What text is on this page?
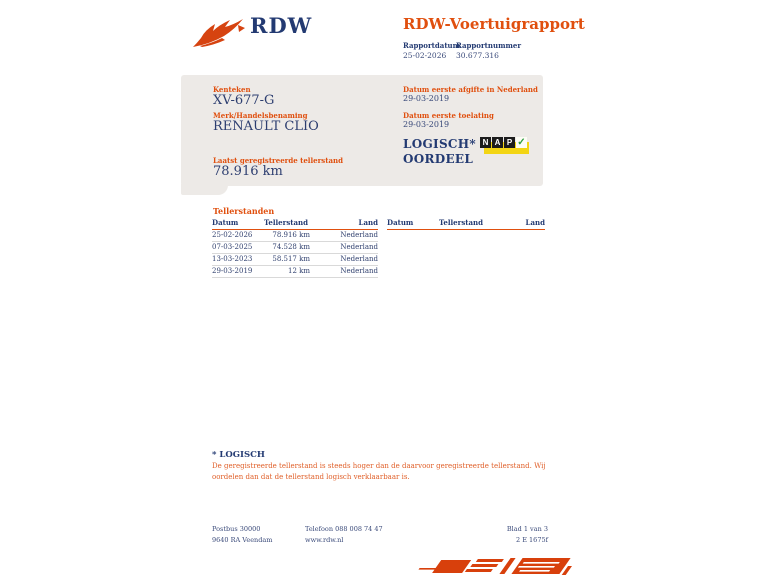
RDW	RDW-Voertuigrapport
Rapportdatum
Rapportnummer
25-02-2026 30.677.316
Kenteken
XV-677-G
Merk/Handelsbenaming
RENAULT CLIO
Laatst geregistreerde tellerstand
78.916 km
Datum eerste afgifte in Nederland
29-03-2019
Datum eerste toelating
29-03-2019
LOGISCH*
OORDEEL
N A P ✓
Tellerstanden
Datum	Tellerstand	Land
25-02-2026	78.916 km	Nederland
07-03-2025	74.528 km	Nederland
13-03-2023	58.517 km	Nederland
29-03-2019	12 km	Nederland
Datum	Tellerstand	Land
* LOGISCH
De geregistreerde tellerstand is steeds hoger dan de daarvoor geregistreerde tellerstand. Wij oordelen dan dat de tellerstand logisch verklaarbaar is.
Postbus 30000
9640 RA Veendam
Telefoon 088 008 74 47
www.rdw.nl
Blad 1 van 3
2 E 1675f
